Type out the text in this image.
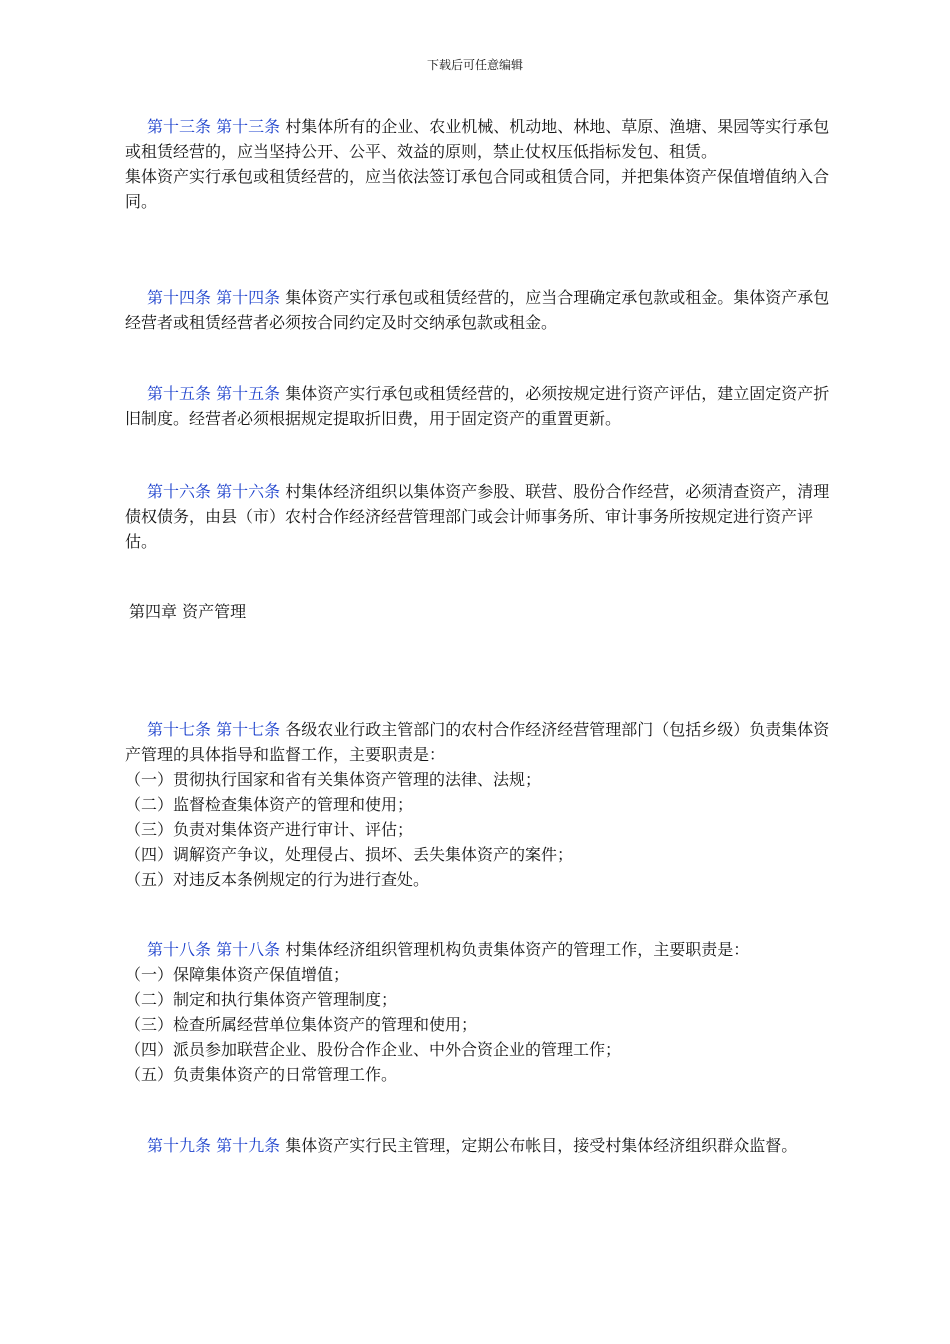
下载后可任意编辑

第十三条 第十三条 村集体所有的企业、农业机械、机动地、林地、草原、渔塘、果园等实行承包或租赁经营的，应当坚持公开、公平、效益的原则，禁止仗权压低指标发包、租赁。

集体资产实行承包或租赁经营的，应当依法签订承包合同或租赁合同，并把集体资产保值增值纳入合同。

第十四条 第十四条 集体资产实行承包或租赁经营的，应当合理确定承包款或租金。集体资产承包经营者或租赁经营者必须按合同约定及时交纳承包款或租金。

第十五条 第十五条 集体资产实行承包或租赁经营的，必须按规定进行资产评估，建立固定资产折旧制度。经营者必须根据规定提取折旧费，用于固定资产的重置更新。

第十六条 第十六条 村集体经济组织以集体资产参股、联营、股份合作经营，必须清查资产，清理债权债务，由县（市）农村合作经济经营管理部门或会计师事务所、审计事务所按规定进行资产评估。

第四章 资产管理

第十七条 第十七条 各级农业行政主管部门的农村合作经济经营管理部门（包括乡级）负责集体资产管理的具体指导和监督工作，主要职责是：

（一）贯彻执行国家和省有关集体资产管理的法律、法规；

（二）监督检查集体资产的管理和使用；

（三）负责对集体资产进行审计、评估；

（四）调解资产争议，处理侵占、损坏、丢失集体资产的案件；

（五）对违反本条例规定的行为进行查处。

第十八条 第十八条 村集体经济组织管理机构负责集体资产的管理工作，主要职责是：

（一）保障集体资产保值增值；

（二）制定和执行集体资产管理制度；

（三）检查所属经营单位集体资产的管理和使用；

（四）派员参加联营企业、股份合作企业、中外合资企业的管理工作；

（五）负责集体资产的日常管理工作。

第十九条 第十九条 集体资产实行民主管理，定期公布帐目，接受村集体经济组织群众监督。
